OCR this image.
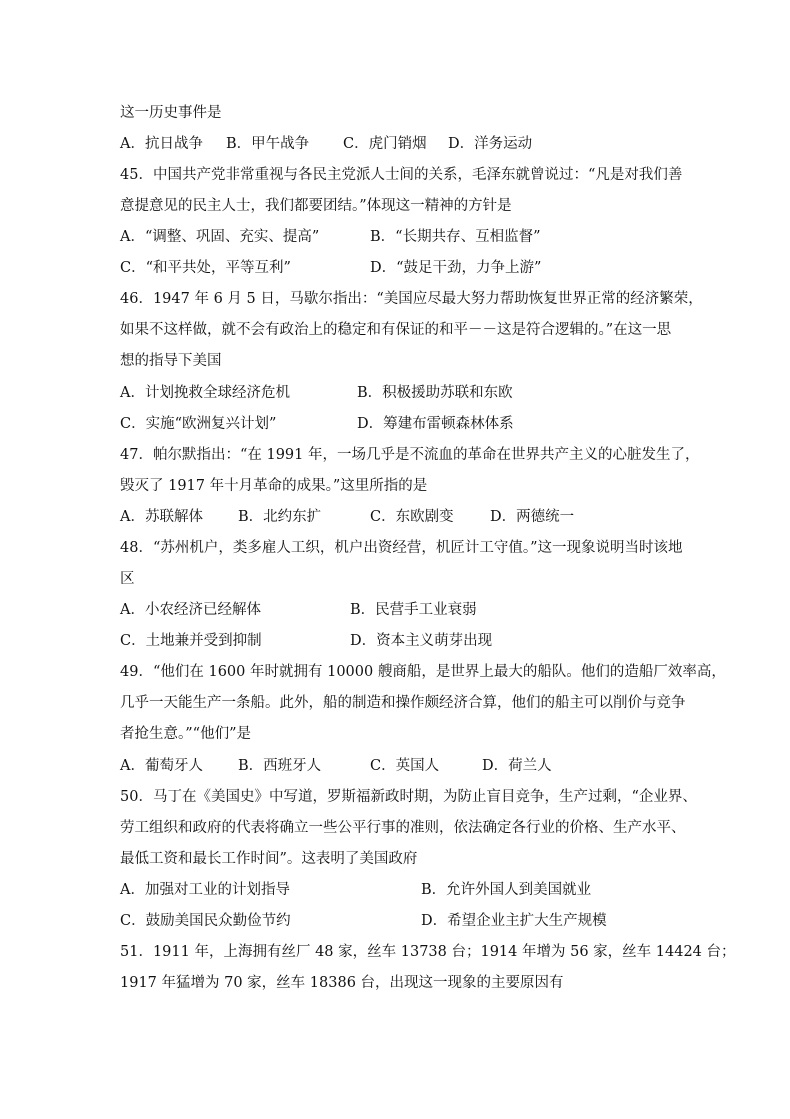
这一历史事件是
A．抗日战争 B．甲午战争 C．虎门销烟 D．洋务运动
45．中国共产党非常重视与各民主党派人士间的关系，毛泽东就曾说过：“凡是对我们善
意提意见的民主人士，我们都要团结。”体现这一精神的方针是
A．“调整、巩固、充实、提高”	B．“长期共存、互相监督”
C．“和平共处，平等互利”	D．“鼓足干劲，力争上游”
46．1947 年 6 月 5 日，马歇尔指出：“美国应尽最大努力帮助恢复世界正常的经济繁荣，
如果不这样做，就不会有政治上的稳定和有保证的和平－－这是符合逻辑的。”在这一思
想的指导下美国
A．计划挽救全球经济危机	B．积极援助苏联和东欧
C．实施“欧洲复兴计划”	D．筹建布雷顿森林体系
47．帕尔默指出：“在 1991 年，一场几乎是不流血的革命在世界共产主义的心脏发生了，
毁灭了 1917 年十月革命的成果。”这里所指的是
A．苏联解体 B．北约东扩	C．东欧剧变	D．两德统一
48．“苏州机户，类多雇人工织，机户出资经营，机匠计工守值。”这一现象说明当时该地
区
A．小农经济已经解体	B．民营手工业衰弱
C．土地兼并受到抑制	D．资本主义萌芽出现
49．“他们在 1600 年时就拥有 10000 艘商船，是世界上最大的船队。他们的造船厂效率高，
几乎一天能生产一条船。此外，船的制造和操作颇经济合算，他们的船主可以削价与竞争
者抢生意。”“他们”是
A．葡萄牙人 B．西班牙人	C．英国人	D．荷兰人
50．马丁在《美国史》中写道，罗斯福新政时期，为防止盲目竞争，生产过剩，“企业界、
劳工组织和政府的代表将确立一些公平行事的准则，依法确定各行业的价格、生产水平、
最低工资和最长工作时间”。这表明了美国政府
A．加强对工业的计划指导	B．允许外国人到美国就业
C．鼓励美国民众勤俭节约	D．希望企业主扩大生产规模
51．1911 年，上海拥有丝厂 48 家，丝车 13738 台；1914 年增为 56 家，丝车 14424 台；
1917 年猛增为 70 家，丝车 18386 台，出现这一现象的主要原因有
